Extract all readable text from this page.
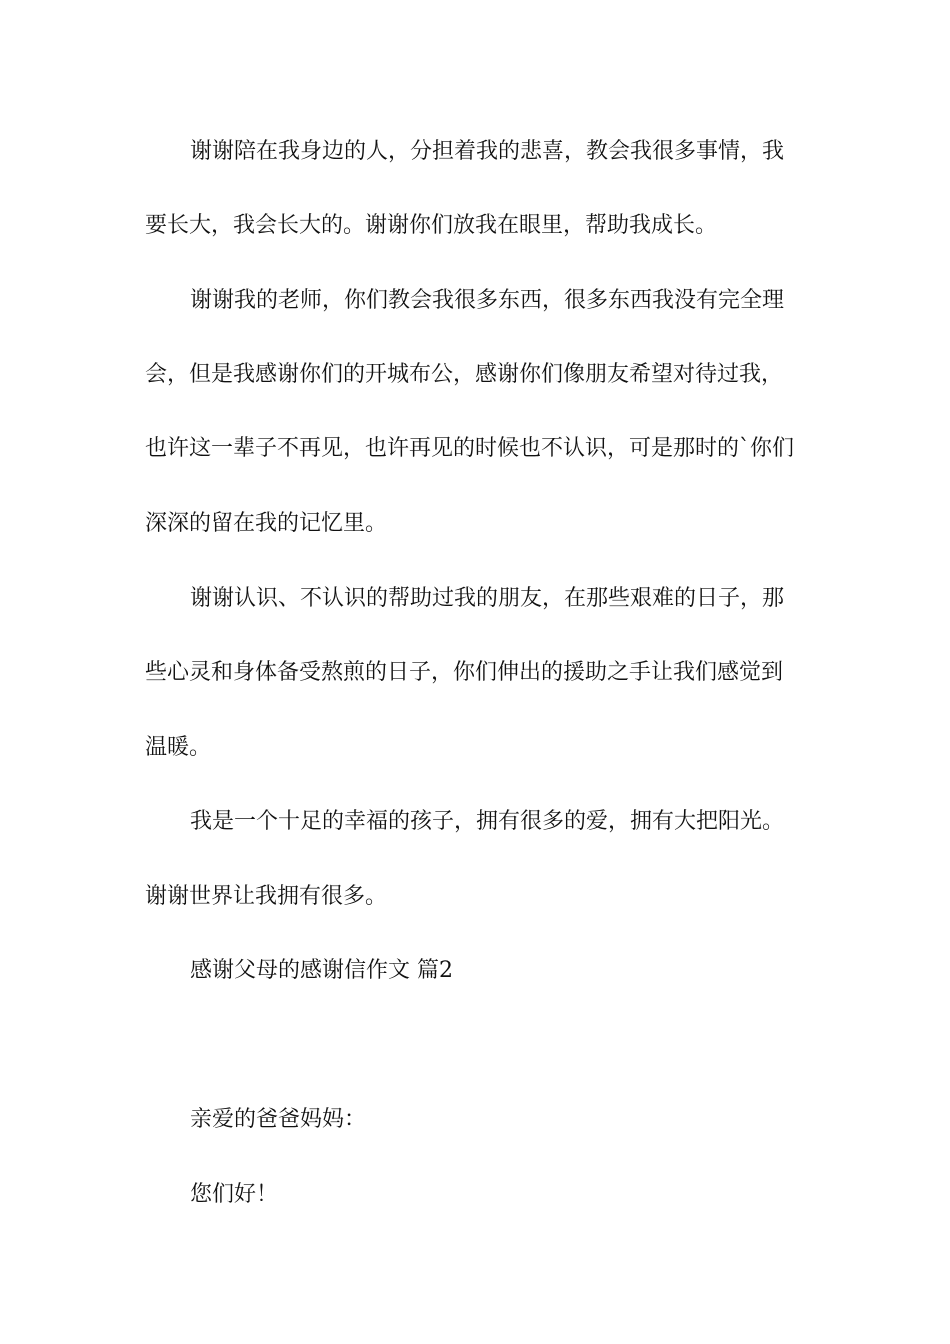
谢谢陪在我身边的人，分担着我的悲喜，教会我很多事情，我
要长大，我会长大的。谢谢你们放我在眼里，帮助我成长。
谢谢我的老师，你们教会我很多东西，很多东西我没有完全理
会，但是我感谢你们的开城布公，感谢你们像朋友希望对待过我，
也许这一辈子不再见，也许再见的时候也不认识，可是那时的`你们
深深的留在我的记忆里。
谢谢认识、不认识的帮助过我的朋友，在那些艰难的日子，那
些心灵和身体备受熬煎的日子，你们伸出的援助之手让我们感觉到
温暖。
我是一个十足的幸福的孩子，拥有很多的爱，拥有大把阳光。
谢谢世界让我拥有很多。
感谢父母的感谢信作文 篇2
亲爱的爸爸妈妈：
您们好！
